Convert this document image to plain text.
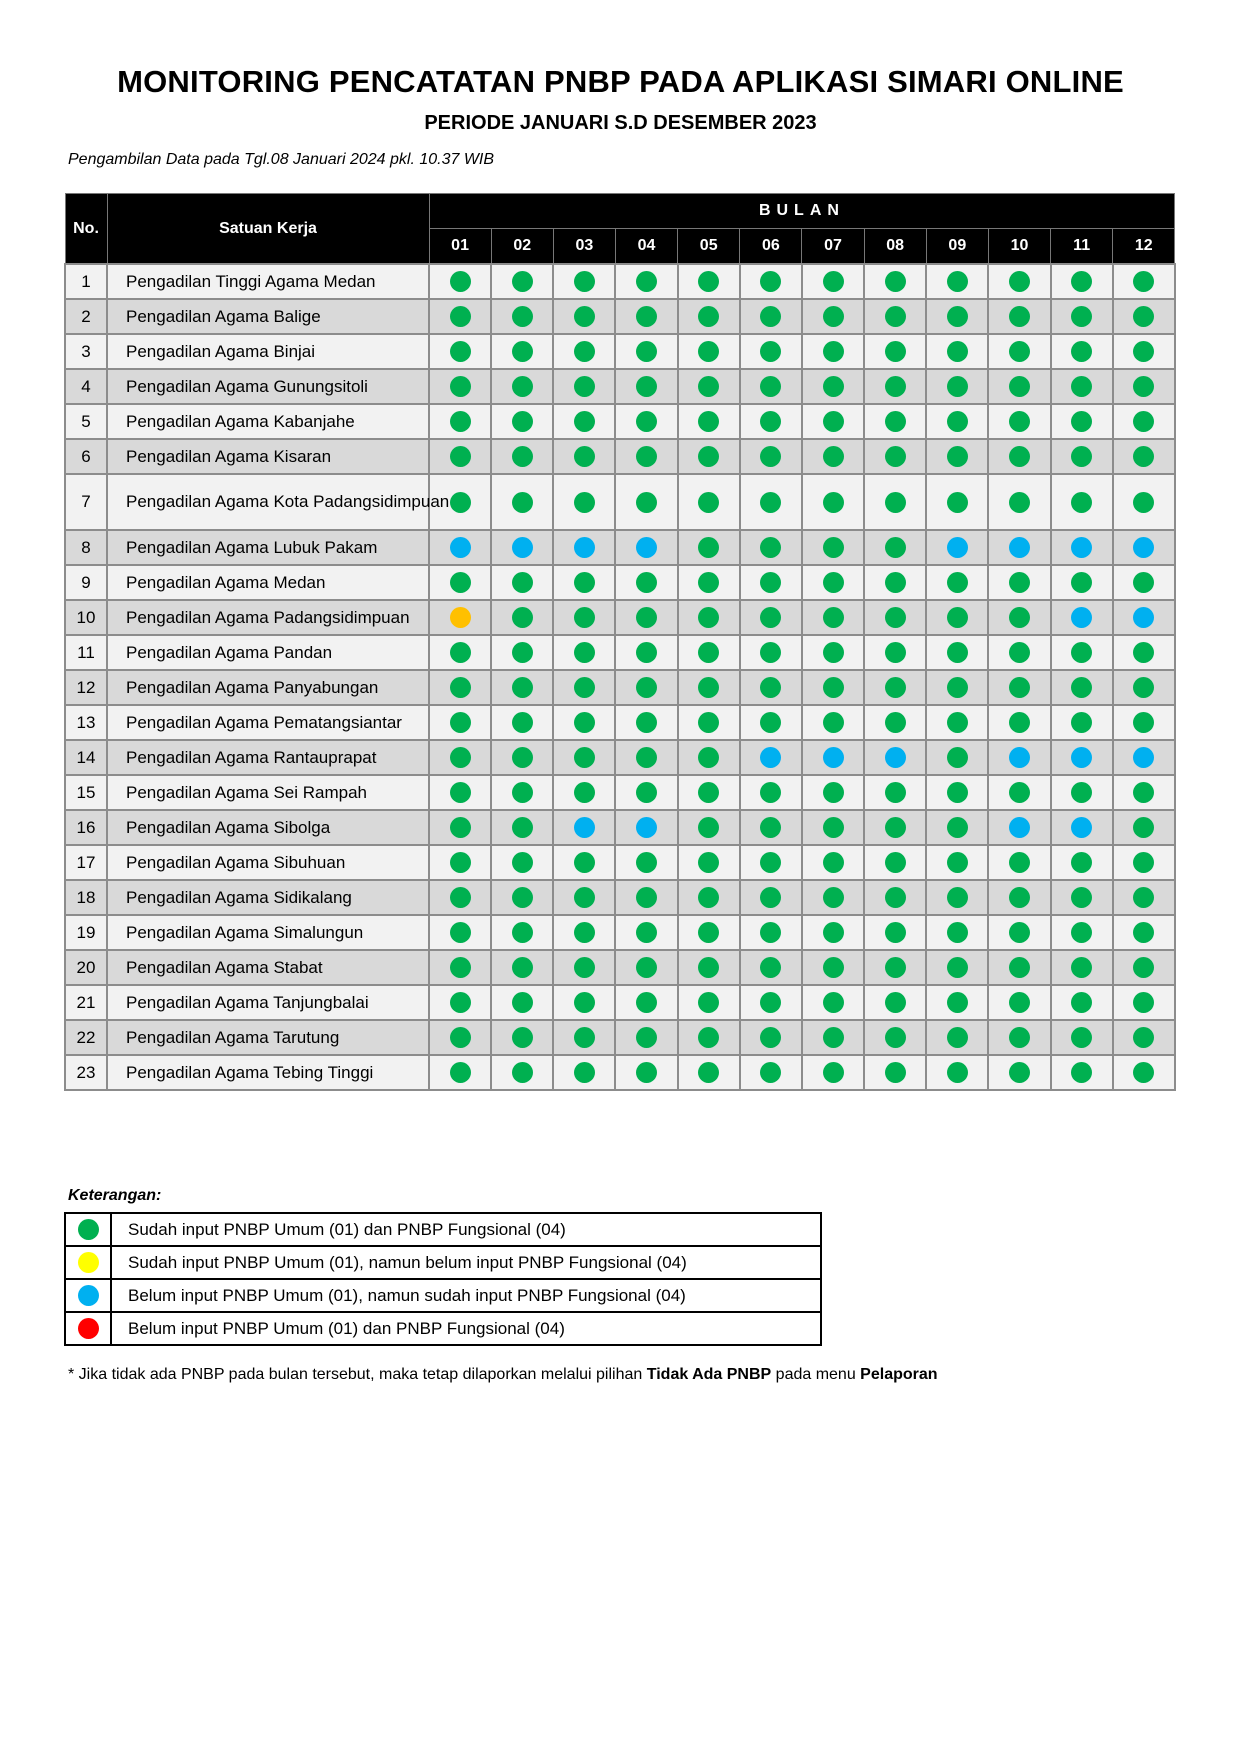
MONITORING PENCATATAN PNBP PADA APLIKASI SIMARI ONLINE
PERIODE JANUARI S.D DESEMBER 2023
Pengambilan Data pada Tgl.08 Januari 2024 pkl. 10.37 WIB
No.	Satuan Kerja	BULAN											
		01	02	03	04	05	06	07	08	09	10	11	12
1	Pengadilan Tinggi Agama Medan												
2	Pengadilan Agama Balige												
3	Pengadilan Agama Binjai												
4	Pengadilan Agama Gunungsitoli												
5	Pengadilan Agama Kabanjahe												
6	Pengadilan Agama Kisaran												
7	Pengadilan Agama Kota Padangsidimpuan												
8	Pengadilan Agama Lubuk Pakam												
9	Pengadilan Agama Medan												
10	Pengadilan Agama Padangsidimpuan												
11	Pengadilan Agama Pandan												
12	Pengadilan Agama Panyabungan												
13	Pengadilan Agama Pematangsiantar												
14	Pengadilan Agama Rantauprapat												
15	Pengadilan Agama Sei Rampah												
16	Pengadilan Agama Sibolga												
17	Pengadilan Agama Sibuhuan												
18	Pengadilan Agama Sidikalang												
19	Pengadilan Agama Simalungun												
20	Pengadilan Agama Stabat												
21	Pengadilan Agama Tanjungbalai												
22	Pengadilan Agama Tarutung												
23	Pengadilan Agama Tebing Tinggi												
Keterangan:
	Sudah input PNBP Umum (01) dan PNBP Fungsional (04)
	Sudah input PNBP Umum (01), namun belum input PNBP Fungsional (04)
	Belum input PNBP Umum (01), namun sudah input PNBP Fungsional (04)
	Belum input PNBP Umum (01) dan PNBP Fungsional (04)
* Jika tidak ada PNBP pada bulan tersebut, maka tetap dilaporkan melalui pilihan Tidak Ada PNBP pada menu Pelaporan
